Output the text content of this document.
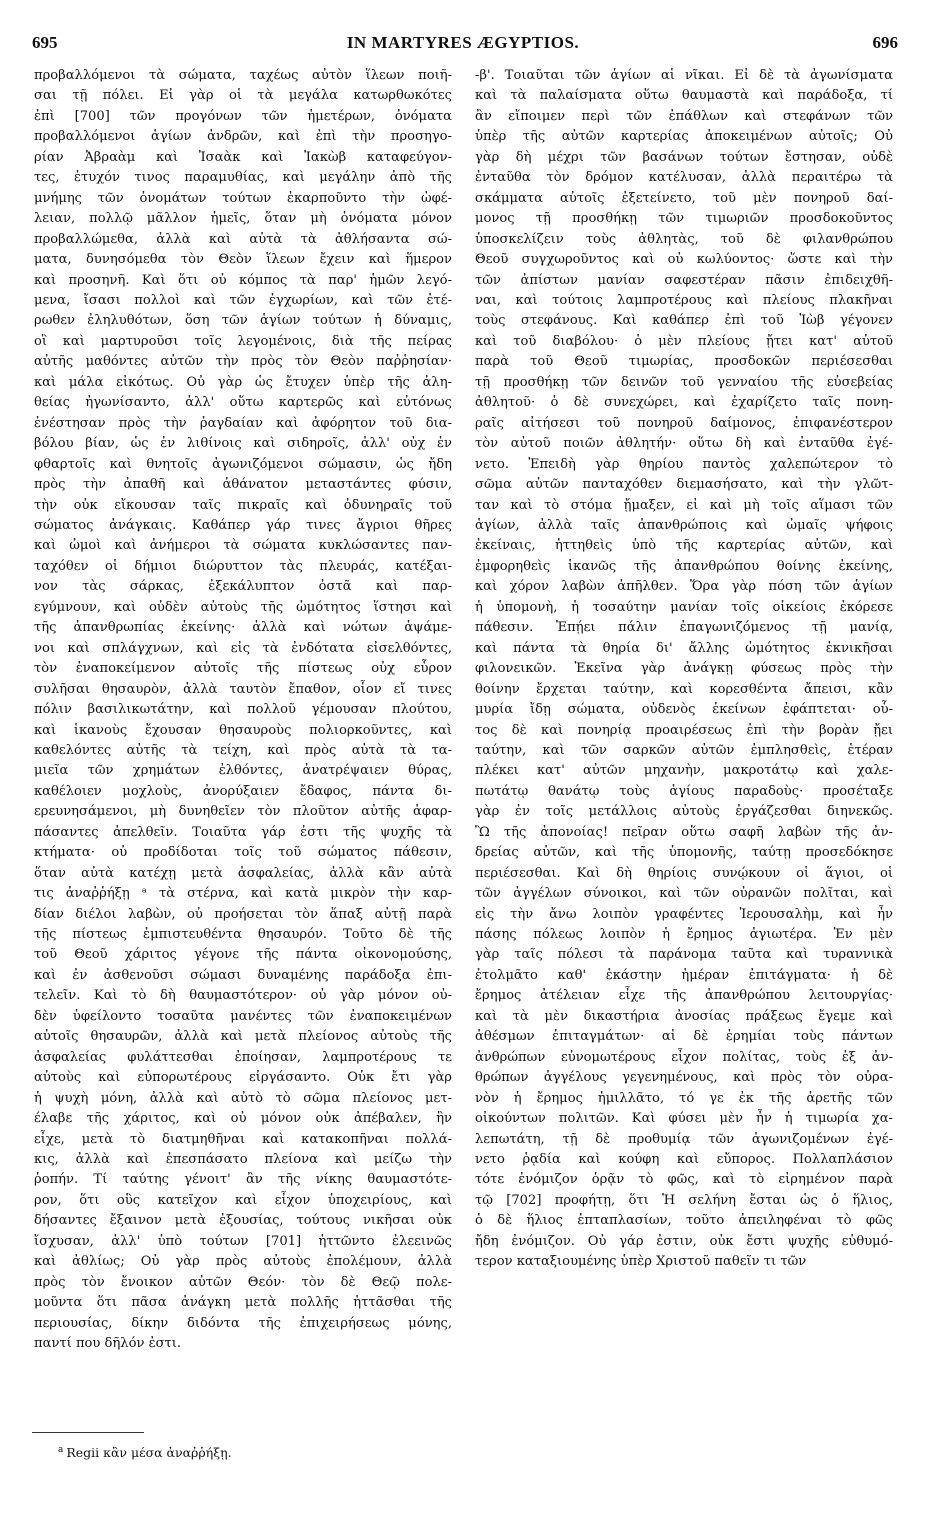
695	IN MARTYRES ÆGYPTIOS.	696
προβαλλόμενοι τὰ σώματα, ταχέως αὐτὸν ἵλεων ποιῆ-
σαι τῇ πόλει. Εἰ γὰρ οἱ τὰ μεγάλα κατωρθωκότες
ἐπὶ [700] τῶν προγόνων τῶν ἡμετέρων, ὀνόματα
προβαλλόμενοι ἁγίων ἀνδρῶν, καὶ ἐπὶ τὴν προσηγο-
ρίαν Ἀβραὰμ καὶ Ἰσαὰκ καὶ Ἰακὼβ καταφεύγον-
τες, ἐτυχόν τινος παραμυθίας, καὶ μεγάλην ἀπὸ τῆς
μνήμης τῶν ὀνομάτων τούτων ἐκαρποῦντο τὴν ὠφέ-
λειαν, πολλῷ μᾶλλον ἡμεῖς, ὅταν μὴ ὀνόματα μόνον
προβαλλώμεθα, ἀλλὰ καὶ αὐτὰ τὰ ἀθλήσαντα σώ-
ματα, δυνησόμεθα τὸν Θεὸν ἵλεων ἔχειν καὶ ἥμερον
καὶ προσηνῆ. Καὶ ὅτι οὐ κόμπος τὰ παρ' ἡμῶν λεγό-
μενα, ἴσασι πολλοὶ καὶ τῶν ἐγχωρίων, καὶ τῶν ἐτέ-
ρωθεν ἐληλυθότων, ὅση τῶν ἁγίων τούτων ἡ δύναμις,
οἳ καὶ μαρτυροῦσι τοῖς λεγομένοις, διὰ τῆς πείρας
αὐτῆς μαθόντες αὐτῶν τὴν πρὸς τὸν Θεὸν παῤῥησίαν·
καὶ μάλα εἰκότως. Οὐ γὰρ ὡς ἔτυχεν ὑπὲρ τῆς ἀλη-
θείας ἠγωνίσαντο, ἀλλ' οὕτω καρτερῶς καὶ εὐτόνως
ἐνέστησαν πρὸς τὴν ῥαγδαίαν καὶ ἀφόρητον τοῦ δια-
βόλου βίαν, ὡς ἐν λιθίνοις καὶ σιδηροῖς, ἀλλ' οὐχ ἐν
φθαρτοῖς καὶ θνητοῖς ἀγωνιζόμενοι σώμασιν, ὡς ἤδη
πρὸς τὴν ἀπαθῆ καὶ ἀθάνατον μεταστάντες φύσιν,
τὴν οὐκ εἴκουσαν ταῖς πικραῖς καὶ ὀδυνηραῖς τοῦ
σώματος ἀνάγκαις. Καθάπερ γάρ τινες ἄγριοι θῆρες
καὶ ὠμοὶ καὶ ἀνήμεροι τὰ σώματα κυκλώσαντες παν-
ταχόθεν οἱ δήμιοι διώρυττον τὰς πλευράς, κατέξαι-
νον τὰς σάρκας, ἐξεκάλυπτον ὀστᾶ καὶ παρ-
εγύμνουν, καὶ οὐδὲν αὐτοὺς τῆς ὠμότητος ἵστησι καὶ
τῆς ἀπανθρωπίας ἐκείνης· ἀλλὰ καὶ νώτων ἀψάμε-
νοι καὶ σπλάγχνων, καὶ εἰς τὰ ἐνδότατα εἰσελθόντες,
τὸν ἐναποκείμενον αὐτοῖς τῆς πίστεως οὐχ εὗρον
συλῆσαι θησαυρὸν, ἀλλὰ ταυτὸν ἔπαθον, οἷον εἴ τινες
πόλιν βασιλικωτάτην, καὶ πολλοῦ γέμουσαν πλούτου,
καὶ ἱκανοὺς ἔχουσαν θησαυροὺς πολιορκοῦντες, καὶ
καθελόντες αὐτῆς τὰ τείχη, καὶ πρὸς αὐτὰ τὰ τα-
μιεῖα τῶν χρημάτων ἐλθόντες, ἀνατρέψαιεν θύρας,
καθέλοιεν μοχλοὺς, ἀνορύξαιεν ἔδαφος, πάντα δι-
ερευνησάμενοι, μὴ δυνηθεῖεν τὸν πλοῦτον αὐτῆς ἀφαρ-
πάσαντες ἀπελθεῖν. Τοιαῦτα γάρ ἐστι τῆς ψυχῆς τὰ
κτήματα· οὐ προδίδοται τοῖς τοῦ σώματος πάθεσιν,
ὅταν αὐτὰ κατέχῃ μετὰ ἀσφαλείας, ἀλλὰ κἂν αὐτὰ
τις ἀναῤῥήξῃ ᵃ τὰ στέρνα, καὶ κατὰ μικρὸν τὴν καρ-
δίαν διέλοι λαβὼν, οὐ προήσεται τὸν ἅπαξ αὐτῇ παρὰ
τῆς πίστεως ἐμπιστευθέντα θησαυρόν. Τοῦτο δὲ τῆς
τοῦ Θεοῦ χάριτος γέγονε τῆς πάντα οἰκονομούσης,
καὶ ἐν ἀσθενοῦσι σώμασι δυναμένης παράδοξα ἐπι-
τελεῖν. Καὶ τὸ δὴ θαυμαστότερον· οὐ γὰρ μόνον οὐ-
δὲν ὑφείλοντο τοσαῦτα μανέντες τῶν ἐναποκειμένων
αὐτοῖς θησαυρῶν, ἀλλὰ καὶ μετὰ πλείονος αὐτοὺς τῆς
ἀσφαλείας φυλάττεσθαι ἐποίησαν, λαμπροτέρους τε
αὐτοὺς καὶ εὐπορωτέρους εἰργάσαντο. Οὐκ ἔτι γὰρ
ἡ ψυχὴ μόνη, ἀλλὰ καὶ αὐτὸ τὸ σῶμα πλείονος μετ-
έλαβε τῆς χάριτος, καὶ οὐ μόνον οὐκ ἀπέβαλεν, ἣν
εἶχε, μετὰ τὸ διατμηθῆναι καὶ κατακοπῆναι πολλά-
κις, ἀλλὰ καὶ ἐπεσπάσατο πλείονα καὶ μείζω τὴν
ῥοπήν. Τί ταύτης γένοιτ' ἂν τῆς νίκης θαυμαστότε-
ρον, ὅτι οὓς κατεῖχον καὶ εἶχον ὑποχειρίους, καὶ
δήσαντες ἔξαινον μετὰ ἐξουσίας, τούτους νικῆσαι οὐκ
ἴσχυσαν, ἀλλ' ὑπὸ τούτων [701] ἡττῶντο ἐλεεινῶς
καὶ ἀθλίως; Οὐ γὰρ πρὸς αὐτοὺς ἐπολέμουν, ἀλλὰ
πρὸς τὸν ἔνοικον αὐτῶν Θεόν· τὸν δὲ Θεῷ πολε-
μοῦντα ὅτι πᾶσα ἀνάγκη μετὰ πολλῆς ἡττᾶσθαι τῆς
περιουσίας, δίκην διδόντα τῆς ἐπιχειρήσεως μόνης,
παντί που δῆλόν ἐστι.
-β'. Τοιαῦται τῶν ἁγίων αἱ νῖκαι. Εἰ δὲ τὰ ἀγωνίσματα
καὶ τὰ παλαίσματα οὕτω θαυμαστὰ καὶ παράδοξα, τί
ἂν εἴποιμεν περὶ τῶν ἐπάθλων καὶ στεφάνων τῶν
ὑπὲρ τῆς αὐτῶν καρτερίας ἀποκειμένων αὐτοῖς; Οὐ
γὰρ δὴ μέχρι τῶν βασάνων τούτων ἔστησαν, οὐδὲ
ἐνταῦθα τὸν δρόμον κατέλυσαν, ἀλλὰ περαιτέρω τὰ
σκάμματα αὐτοῖς ἐξετείνετο, τοῦ μὲν πονηροῦ δαί-
μονος τῇ προσθήκῃ τῶν τιμωριῶν προσδοκοῦντος
ὑποσκελίζειν τοὺς ἀθλητὰς, τοῦ δὲ φιλανθρώπου
Θεοῦ συγχωροῦντος καὶ οὐ κωλύοντος· ὥστε καὶ τὴν
τῶν ἀπίστων μανίαν σαφεστέραν πᾶσιν ἐπιδειχθῆ-
ναι, καὶ τούτοις λαμπροτέρους καὶ πλείους πλακῆναι
τοὺς στεφάνους. Καὶ καθάπερ ἐπὶ τοῦ Ἰὼβ γέγονεν
καὶ τοῦ διαβόλου· ὁ μὲν πλείους ᾔτει κατ' αὐτοῦ
παρὰ τοῦ Θεοῦ τιμωρίας, προσδοκῶν περιέσεσθαι
τῇ προσθήκῃ τῶν δεινῶν τοῦ γενναίου τῆς εὐσεβείας
ἀθλητοῦ· ὁ δὲ συνεχώρει, καὶ ἐχαρίζετο ταῖς πονη-
ραῖς αἰτήσεσι τοῦ πονηροῦ δαίμονος, ἐπιφανέστερον
τὸν αὐτοῦ ποιῶν ἀθλητήν· οὕτω δὴ καὶ ἐνταῦθα ἐγέ-
νετο. Ἐπειδὴ γὰρ θηρίου παντὸς χαλεπώτερον τὸ
σῶμα αὐτῶν πανταχόθεν διεμασήσατο, καὶ τὴν γλῶτ-
ταν καὶ τὸ στόμα ᾔμαξεν, εἰ καὶ μὴ τοῖς αἵμασι τῶν
ἁγίων, ἀλλὰ ταῖς ἀπανθρώποις καὶ ὠμαῖς ψήφοις
ἐκείναις, ἡττηθεὶς ὑπὸ τῆς καρτερίας αὐτῶν, καὶ
ἐμφορηθεὶς ἱκανῶς τῆς ἀπανθρώπου θοίνης ἐκείνης,
καὶ χόρον λαβὼν ἀπῆλθεν. Ὅρα γὰρ πόση τῶν ἁγίων
ἡ ὑπομονὴ, ἡ τοσαύτην μανίαν τοῖς οἰκείοις ἐκόρεσε
πάθεσιν. Ἐπῄει πάλιν ἐπαγωνιζόμενος τῇ μανίᾳ,
καὶ πάντα τὰ θηρία δι' ἄλλης ὠμότητος ἐκνικῆσαι
φιλονεικῶν. Ἐκεῖνα γὰρ ἀνάγκῃ φύσεως πρὸς τὴν
θοίνην ἔρχεται ταύτην, καὶ κορεσθέντα ἄπεισι, κἂν
μυρία ἴδῃ σώματα, οὐδενὸς ἐκείνων ἐφάπτεται· οὗ-
τος δὲ καὶ πονηρίᾳ προαιρέσεως ἐπὶ τὴν βορὰν ᾔει
ταύτην, καὶ τῶν σαρκῶν αὐτῶν ἐμπλησθεὶς, ἑτέραν
πλέκει κατ' αὐτῶν μηχανὴν, μακροτάτῳ καὶ χαλε-
πωτάτῳ θανάτῳ τοὺς ἁγίους παραδοὺς· προσέταξε
γὰρ ἐν τοῖς μετάλλοις αὐτοὺς ἐργάζεσθαι διηνεκῶς.
Ὢ τῆς ἀπονοίας! πεῖραν οὕτω σαφῆ λαβὼν τῆς ἀν-
δρείας αὐτῶν, καὶ τῆς ὑπομονῆς, ταύτῃ προσεδόκησε
περιέσεσθαι. Καὶ δὴ θηρίοις συνῴκουν οἱ ἅγιοι, οἱ
τῶν ἀγγέλων σύνοικοι, καὶ τῶν οὐρανῶν πολῖται, καὶ
εἰς τὴν ἄνω λοιπὸν γραφέντες Ἱερουσαλὴμ, καὶ ἦν
πάσης πόλεως λοιπὸν ἡ ἔρημος ἁγιωτέρα. Ἐν μὲν
γὰρ ταῖς πόλεσι τὰ παράνομα ταῦτα καὶ τυραννικὰ
ἐτολμᾶτο καθ' ἑκάστην ἡμέραν ἐπιτάγματα· ἡ δὲ
ἔρημος ἀτέλειαν εἶχε τῆς ἀπανθρώπου λειτουργίας·
καὶ τὰ μὲν δικαστήρια ἀνοσίας πράξεως ἔγεμε καὶ
ἀθέσμων ἐπιταγμάτων· αἱ δὲ ἐρημίαι τοὺς πάντων
ἀνθρώπων εὐνομωτέρους εἶχον πολίτας, τοὺς ἐξ ἀν-
θρώπων ἀγγέλους γεγενημένους, καὶ πρὸς τὸν οὐρα-
νὸν ἡ ἔρημος ἡμιλλᾶτο, τό γε ἐκ τῆς ἀρετῆς τῶν
οἰκούντων πολιτῶν. Καὶ φύσει μὲν ἦν ἡ τιμωρία χα-
λεπωτάτη, τῇ δὲ προθυμίᾳ τῶν ἀγωνιζομένων ἐγέ-
νετο ῥᾳδία καὶ κούφη καὶ εὔπορος. Πολλαπλάσιον
τότε ἐνόμιζον ὁρᾷν τὸ φῶς, καὶ τὸ εἰρημένον παρὰ
τῷ [702] προφήτῃ, ὅτι Ἡ σελήνη ἔσται ὡς ὁ ἥλιος,
ὁ δὲ ἥλιος ἑπταπλασίων, τοῦτο ἀπειληφέναι τὸ φῶς
ἤδη ἐνόμιζον. Οὐ γάρ ἐστιν, οὐκ ἔστι ψυχῆς εὐθυμό-
τερον καταξιουμένης ὑπὲρ Χριστοῦ παθεῖν τι τῶν
$^a$ Regii κἂν μέσα ἀναῤῥήξῃ.
